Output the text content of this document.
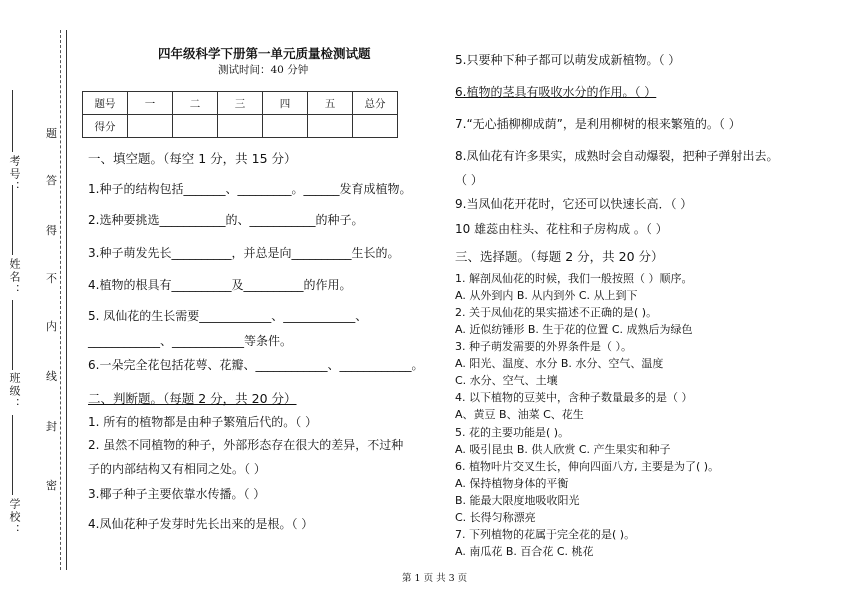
学校：
班级：
姓名：
考号：
密
封
线
内
不
得
答
题
四年级科学下册第一单元质量检测试题
测试时间：40 分钟
题号	一	二	三	四	五	总分
得分						
一、填空题。（每空 1 分，共 15 分）
1.种子的结构包括_______、_________。______发育成植物。
2.选种要挑选___________的、___________的种子。
3.种子萌发先长__________，并总是向__________生长的。
4.植物的根具有__________及__________的作用。
5. 凤仙花的生长需要____________、____________、
____________、____________等条件。
6.一朵完全花包括花萼、花瓣、____________、____________。
二、判断题。（每题 2 分，共 20 分）
1. 所有的植物都是由种子繁殖后代的。（ ）
2. 虽然不同植物的种子，外部形态存在很大的差异，不过种
子的内部结构又有相同之处。（ ）
3.椰子种子主要依靠水传播。（ ）
4.凤仙花种子发芽时先长出来的是根。（ ）
5.只要种下种子都可以萌发成新植物。（ ）
6.植物的茎具有吸收水分的作用。（ ）
7.“无心插柳柳成荫”，是利用柳树的根来繁殖的。（ ）
8.凤仙花有许多果实，成熟时会自动爆裂，把种子弹射出去。
（ ）
9.当凤仙花开花时，它还可以快速长高．（ ）
10 雄蕊由柱头、花柱和子房构成 。（ ）
三、选择题。（每题 2 分，共 20 分）
1. 解剖凤仙花的时候，我们一般按照（ ）顺序。
A. 从外到内 B. 从内到外 C. 从上到下
2. 关于凤仙花的果实描述不正确的是( )。
A. 近似纺锤形 B. 生于花的位置 C. 成熟后为绿色
3. 种子萌发需要的外界条件是（ ）。
A. 阳光、温度、水分 B. 水分、空气、温度
C. 水分、空气、土壤
4. 以下植物的豆荚中，含种子数量最多的是（ ）
A、黄豆 B、油菜 C、花生
5. 花的主要功能是( )。
A. 吸引昆虫 B. 供人欣赏 C. 产生果实和种子
6. 植物叶片交叉生长，伸向四面八方, 主要是为了( )。
A. 保持植物身体的平衡
B. 能最大限度地吸收阳光
C. 长得匀称漂亮
7. 下列植物的花属于完全花的是( )。
A. 南瓜花 B. 百合花 C. 桃花
第 1 页 共 3 页
